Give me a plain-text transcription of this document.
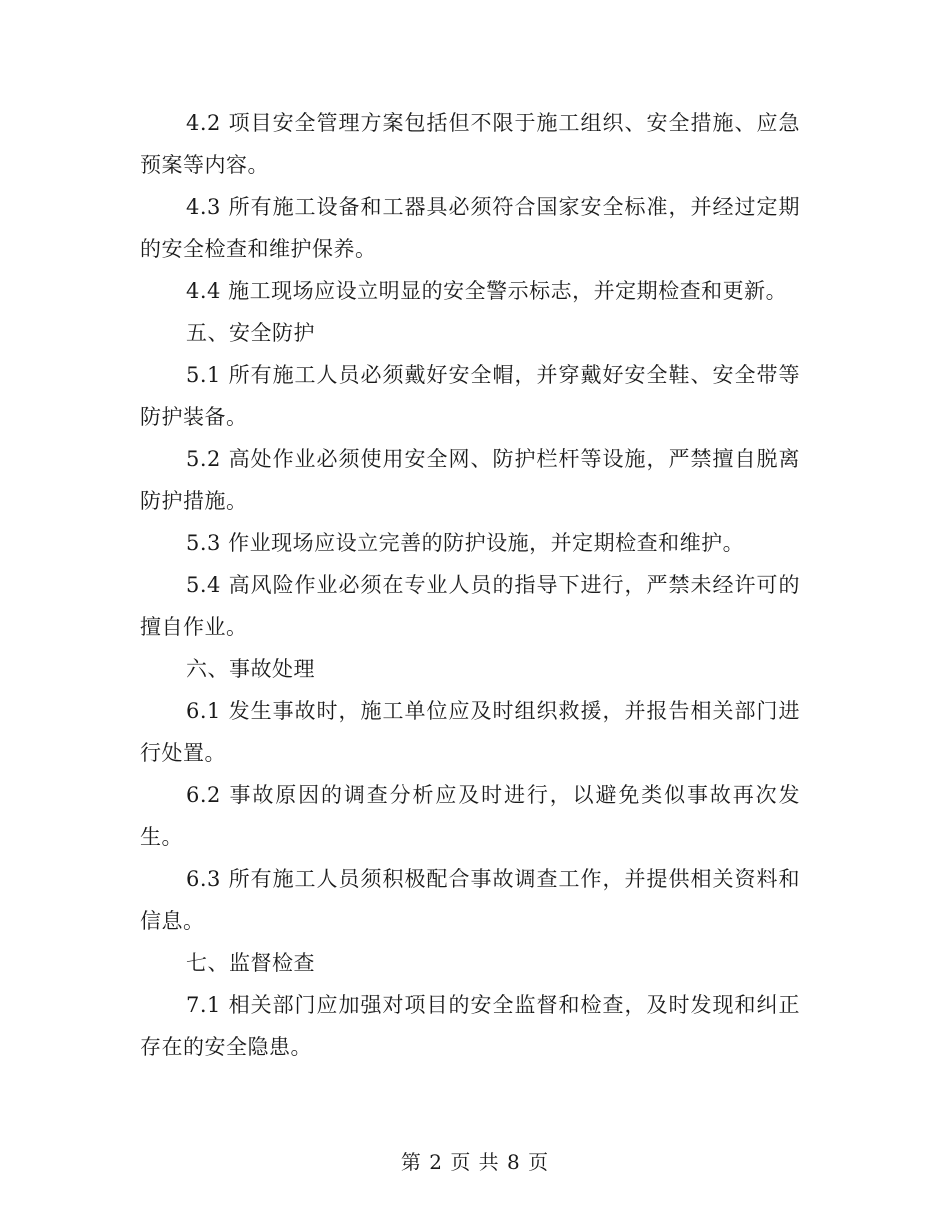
4.2 项目安全管理方案包括但不限于施工组织、安全措施、应急预案等内容。

4.3 所有施工设备和工器具必须符合国家安全标准，并经过定期的安全检查和维护保养。

4.4 施工现场应设立明显的安全警示标志，并定期检查和更新。

五、安全防护

5.1 所有施工人员必须戴好安全帽，并穿戴好安全鞋、安全带等防护装备。

5.2 高处作业必须使用安全网、防护栏杆等设施，严禁擅自脱离防护措施。

5.3 作业现场应设立完善的防护设施，并定期检查和维护。

5.4 高风险作业必须在专业人员的指导下进行，严禁未经许可的擅自作业。

六、事故处理

6.1 发生事故时，施工单位应及时组织救援，并报告相关部门进行处置。

6.2 事故原因的调查分析应及时进行，以避免类似事故再次发生。

6.3 所有施工人员须积极配合事故调查工作，并提供相关资料和信息。

七、监督检查

7.1 相关部门应加强对项目的安全监督和检查，及时发现和纠正存在的安全隐患。

第 2 页 共 8 页
